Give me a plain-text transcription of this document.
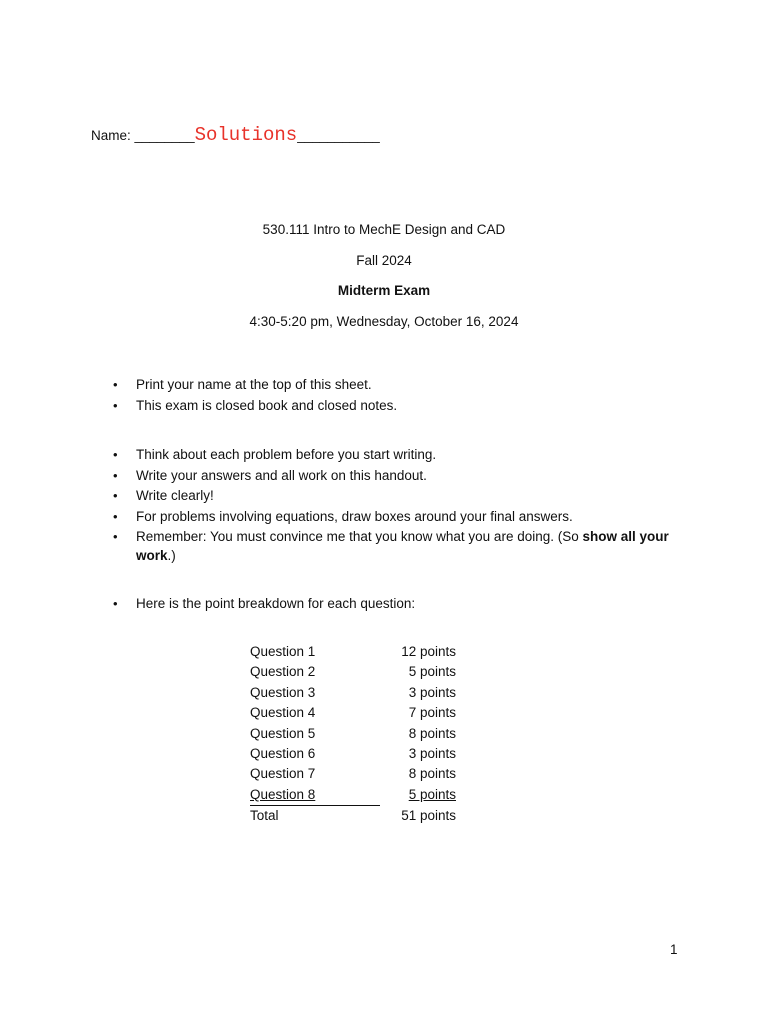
Name: ________Solutions___________
530.111 Intro to MechE Design and CAD
Fall 2024
Midterm Exam
4:30-5:20 pm, Wednesday, October 16, 2024
• Print your name at the top of this sheet.
• This exam is closed book and closed notes.
• Think about each problem before you start writing.
• Write your answers and all work on this handout.
• Write clearly!
• For problems involving equations, draw boxes around your final answers.
• Remember: You must convince me that you know what you are doing. (So show all your work.)
• Here is the point breakdown for each question:
Question 1	12 points
Question 2	5 points
Question 3	3 points
Question 4	7 points
Question 5	8 points
Question 6	3 points
Question 7	8 points
Question 8	5 points
Total	51 points
1
